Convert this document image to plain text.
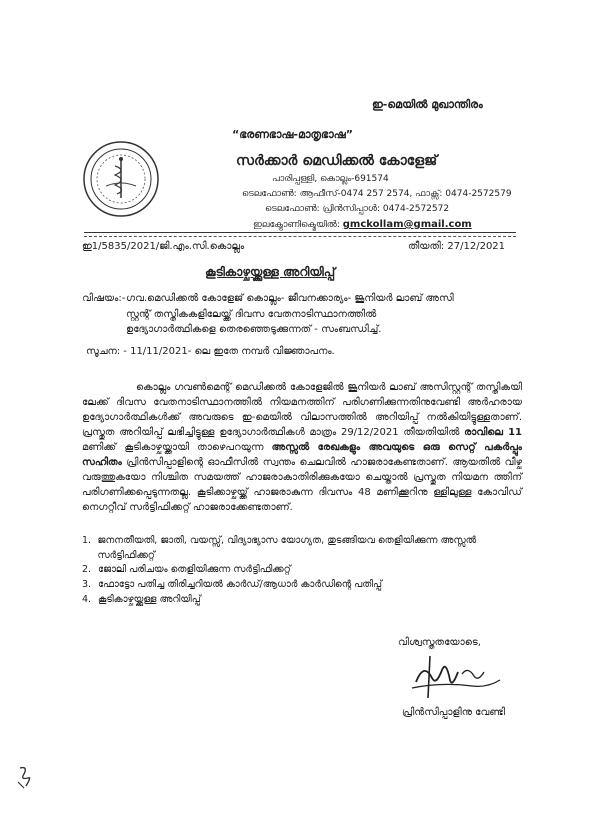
ഇ-മെയിൽ മുഖാന്തിരം
“ഭരണഭാഷ-മാതൃഭാഷ”
സർക്കാർ മെഡിക്കൽ കോളേജ്
പാരിപ്പള്ളി, കൊല്ലം-691574
ടെലഫോൺ: ആഫീസ്-0474 257 2574, ഫാക്സ്: 0474-2572579
ടെലഫോൺ: പ്രിൻസിപ്പാൾ: 0474-2572572
ഇലക്ട്രോണിക്മെയിൽ: gmckollam@gmail.com
ഇ1/5835/2021/ജി.എം.സി.കൊല്ലം	തീയതി: 27/12/2021
കൂടികാഴ്ചയ്ക്കുള്ള അറിയിപ്പ്
വിഷയം:-ഗവ.മെഡിക്കൽ കോളേജ് കൊല്ലം- ജീവനക്കാര്യം- ജൂനിയർ ലാബ് അസി
സ്റ്റന്റ് തസ്തികകളിലേയ്ക്ക് ദിവസ വേതനാടിസ്ഥാനത്തിൽ
ഉദ്യോഗാർത്ഥികളെ തെരഞ്ഞെടുക്കുന്നത് - സംബന്ധിച്ച്.
സൂചന: - 11/11/2021- ലെ ഇതേ നമ്പർ വിജ്ഞാപനം.
കൊല്ലം ഗവൺമെന്റ് മെഡിക്കൽ കോളേജിൽ ജൂനിയർ ലാബ് അസിസ്റ്റന്റ് തസ്തികയി ലേക്ക് ദിവസ വേതനാടിസ്ഥാനത്തിൽ നിയമനത്തിന് പരിഗണിക്കുന്നതിനുവേണ്ടി അർഹരായ ഉദ്യോഗാർത്ഥികൾക്ക് അവരുടെ ഇ-മെയിൽ വിലാസത്തിൽ അറിയിപ്പ് നൽകിയിട്ടുള്ളതാണ്. പ്രസ്തുത അറിയിപ്പ് ലഭിച്ചിട്ടുള്ള ഉദ്യോഗാർത്ഥികൾ മാത്രം 29/12/2021 തീയതിയിൽ രാവിലെ 11 മണിക്ക് കൂടികാഴ്ചയ്ക്കായി താഴെപറയുന്ന അസ്സൽ രേഖകളും അവയുടെ ഒരു സെറ്റ് പകർപ്പും സഹിതം പ്രിൻസിപ്പാളിന്റെ ഓഫീസിൽ സ്വന്തം ചെലവിൽ ഹാജരാകേണ്ടതാണ്. ആയതിൽ വീഴ്ച വരുത്തുകയോ നിശ്ചിത സമയത്ത് ഹാജരാകാതിരിക്കുകയോ ചെയ്താൽ പ്രസ്തുത നിയമന ത്തിന് പരിഗണിക്കപ്പെടുന്നതല്ല. കൂടിക്കാഴ്ചയ്ക്ക് ഹാജരാകുന്ന ദിവസം 48 മണിക്കൂറിനു ള്ളിലുള്ള കോവിഡ് നെഗറ്റീവ് സർട്ടിഫിക്കറ്റ് ഹാജരാക്കേണ്ടതാണ്.
1. ജനനതീയതി, ജാതി, വയസ്സ്, വിദ്യാഭ്യാസ യോഗ്യത, തുടങ്ങിയവ തെളിയിക്കുന്ന അസ്സൽ സർട്ടിഫിക്കറ്റ്
2. ജോലി പരിചയം തെളിയിക്കുന്ന സർട്ടിഫിക്കറ്റ്
3. ഫോട്ടോ പതിച്ച തിരിച്ചറിയൽ കാർഡ്/ആധാർ കാർഡിന്റെ പതിപ്പ്
4. കൂടികാഴ്ചയ്ക്കുള്ള അറിയിപ്പ്
വിശ്വസ്തതയോടെ,
പ്രിൻസിപ്പാളിനു വേണ്ടി
